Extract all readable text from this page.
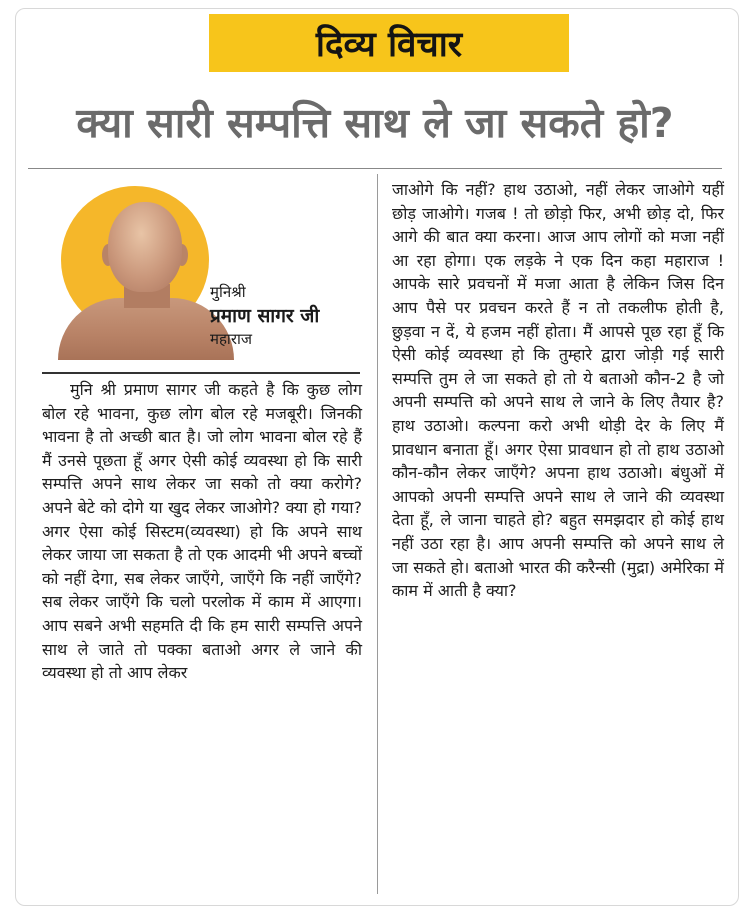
दिव्य विचार
क्या सारी सम्पत्ति साथ ले जा सकते हो?
मुनिश्री
प्रमाण सागर जी
महाराज
मुनि श्री प्रमाण सागर जी कहते है कि कुछ लोग बोल रहे भावना, कुछ लोग बोल रहे मजबूरी। जिनकी भावना है तो अच्छी बात है। जो लोग भावना बोल रहे हैं मैं उनसे पूछता हूँ अगर ऐसी कोई व्यवस्था हो कि सारी सम्पत्ति अपने साथ लेकर जा सको तो क्या करोगे? अपने बेटे को दोगे या खुद लेकर जाओगे? क्या हो गया? अगर ऐसा कोई सिस्टम(व्यवस्था) हो कि अपने साथ लेकर जाया जा सकता है तो एक आदमी भी अपने बच्चों को नहीं देगा, सब लेकर जाएँगे, जाएँगे कि नहीं जाएँगे? सब लेकर जाएँगे कि चलो परलोक में काम में आएगा। आप सबने अभी सहमति दी कि हम सारी सम्पत्ति अपने साथ ले जाते तो पक्का बताओ अगर ले जाने की व्यवस्था हो तो आप लेकर
जाओगे कि नहीं? हाथ उठाओ, नहीं लेकर जाओगे यहीं छोड़ जाओगे। गजब ! तो छोड़ो फिर, अभी छोड़ दो, फिर आगे की बात क्या करना। आज आप लोगों को मजा नहीं आ रहा होगा। एक लड़के ने एक दिन कहा महाराज ! आपके सारे प्रवचनों में मजा आता है लेकिन जिस दिन आप पैसे पर प्रवचन करते हैं न तो तकलीफ होती है, छुड़वा न दें, ये हजम नहीं होता। मैं आपसे पूछ रहा हूँ कि ऐसी कोई व्यवस्था हो कि तुम्हारे द्वारा जोड़ी गई सारी सम्पत्ति तुम ले जा सकते हो तो ये बताओ कौन-2 है जो अपनी सम्पत्ति को अपने साथ ले जाने के लिए तैयार है? हाथ उठाओ। कल्पना करो अभी थोड़ी देर के लिए मैं प्रावधान बनाता हूँ। अगर ऐसा प्रावधान हो तो हाथ उठाओ कौन-कौन लेकर जाएँगे? अपना हाथ उठाओ। बंधुओं में आपको अपनी सम्पत्ति अपने साथ ले जाने की व्यवस्था देता हूँ, ले जाना चाहते हो? बहुत समझदार हो कोई हाथ नहीं उठा रहा है। आप अपनी सम्पत्ति को अपने साथ ले जा सकते हो। बताओ भारत की करैन्सी (मुद्रा) अमेरिका में काम में आती है क्या?
